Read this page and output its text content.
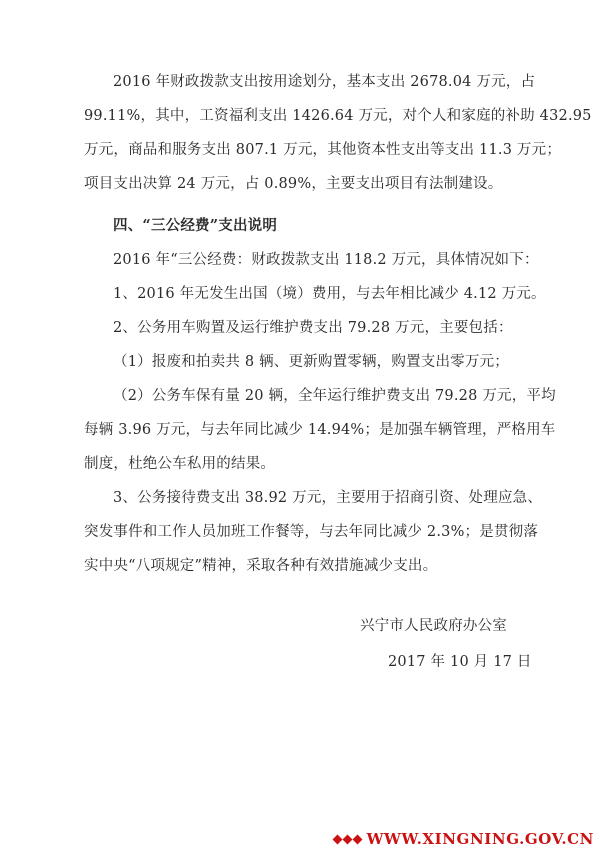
2016 年财政拨款支出按用途划分，基本支出 2678.04 万元，占
99.11%，其中，工资福利支出 1426.64 万元，对个人和家庭的补助 432.95
万元，商品和服务支出 807.1 万元，其他资本性支出等支出 11.3 万元；
项目支出决算 24 万元，占 0.89%，主要支出项目有法制建设。
四、“三公经费”支出说明
2016 年“三公经费：财政拨款支出 118.2 万元，具体情况如下：
1、2016 年无发生出国（境）费用，与去年相比减少 4.12 万元。
2、公务用车购置及运行维护费支出 79.28 万元，主要包括：
（1）报废和拍卖共 8 辆、更新购置零辆，购置支出零万元；
（2）公务车保有量 20 辆，全年运行维护费支出 79.28 万元，平均
每辆 3.96 万元，与去年同比减少 14.94%；是加强车辆管理，严格用车
制度，杜绝公车私用的结果。
3、公务接待费支出 38.92 万元，主要用于招商引资、处理应急、
突发事件和工作人员加班工作餐等，与去年同比减少 2.3%；是贯彻落
实中央“八项规定”精神，采取各种有效措施减少支出。
兴宁市人民政府办公室
2017 年 10 月 17 日
WWW.XINGNING.GOV.CN
